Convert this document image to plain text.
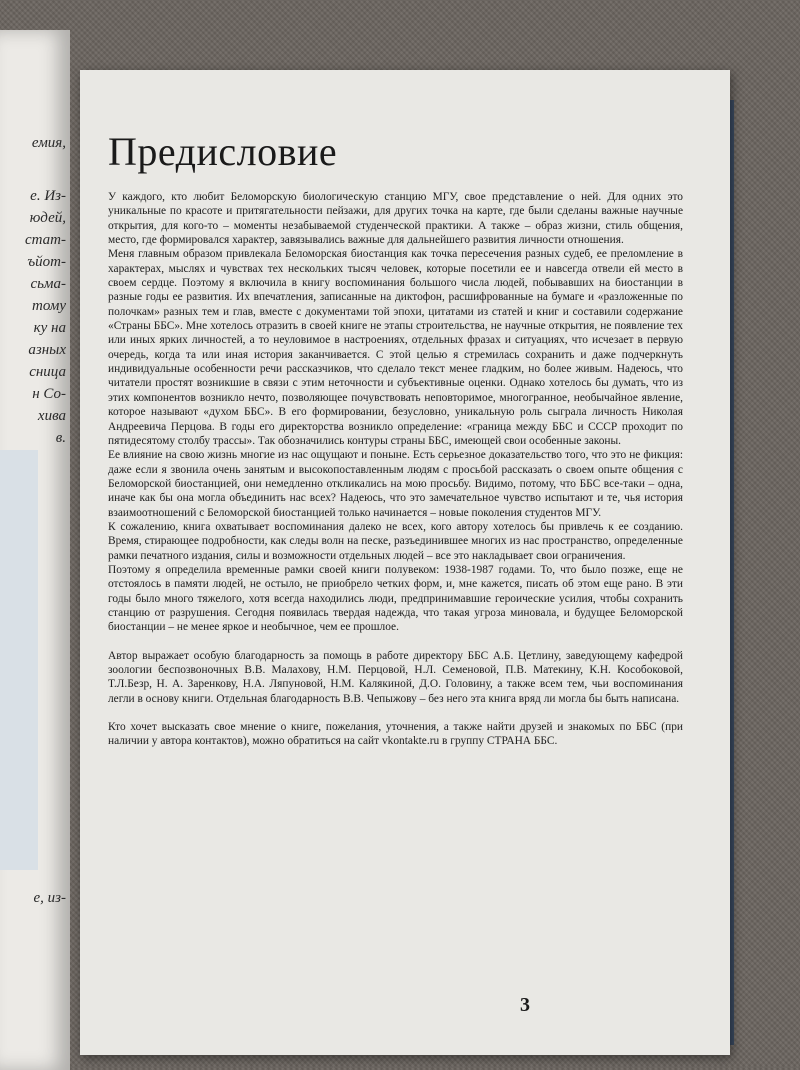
емия,
е. Из-
юдей,
стат-
ъйот-
сьма-
тому
ку на
азных
сница
н Со-
хива
в.
е, из-
Предисловие

У каждого, кто любит Беломорскую биологическую станцию МГУ, свое представление о ней. Для одних это уникальные по красоте и притягательности пейзажи, для других точка на карте, где были сделаны важные научные открытия, для кого-то – моменты незабываемой студенческой практики. А также – образ жизни, стиль общения, место, где формировался характер, завязывались важные для дальнейшего развития личности отношения.

Меня главным образом привлекала Беломорская биостанция как точка пересечения разных судеб, ее преломление в характерах, мыслях и чувствах тех нескольких тысяч человек, которые посетили ее и навсегда отвели ей место в своем сердце. Поэтому я включила в книгу воспоминания большого числа людей, побывавших на биостанции в разные годы ее развития. Их впечатления, записанные на диктофон, расшифрованные на бумаге и «разложенные по полочкам» разных тем и глав, вместе с документами той эпохи, цитатами из статей и книг и составили содержание «Страны ББС». Мне хотелось отразить в своей книге не этапы строительства, не научные открытия, не появление тех или иных ярких личностей, а то неуловимое в настроениях, отдельных фразах и ситуациях, что исчезает в первую очередь, когда та или иная история заканчивается. С этой целью я стремилась сохранить и даже подчеркнуть индивидуальные особенности речи рассказчиков, что сделало текст менее гладким, но более живым. Надеюсь, что читатели простят возникшие в связи с этим неточности и субъективные оценки. Однако хотелось бы думать, что из этих компонентов возникло нечто, позволяющее почувствовать неповторимое, многогранное, необычайное явление, которое называют «духом ББС». В его формировании, безусловно, уникальную роль сыграла личность Николая Андреевича Перцова. В годы его директорства возникло определение: «граница между ББС и СССР проходит по пятидесятому столбу трассы». Так обозначились контуры страны ББС, имеющей свои особенные законы.

Ее влияние на свою жизнь многие из нас ощущают и поныне. Есть серьезное доказательство того, что это не фикция: даже если я звонила очень занятым и высокопоставленным людям с просьбой рассказать о своем опыте общения с Беломорской биостанцией, они немедленно откликались на мою просьбу. Видимо, потому, что ББС все-таки – одна, иначе как бы она могла объединить нас всех? Надеюсь, что это замечательное чувство испытают и те, чья история взаимоотношений с Беломорской биостанцией только начинается – новые поколения студентов МГУ.

К сожалению, книга охватывает воспоминания далеко не всех, кого автору хотелось бы привлечь к ее созданию. Время, стирающее подробности, как следы волн на песке, разъединившее многих из нас пространство, определенные рамки печатного издания, силы и возможности отдельных людей – все это накладывает свои ограничения.

Поэтому я определила временные рамки своей книги полувеком: 1938-1987 годами. То, что было позже, еще не отстоялось в памяти людей, не остыло, не приобрело четких форм, и, мне кажется, писать об этом еще рано. В эти годы было много тяжелого, хотя всегда находились люди, предпринимавшие героические усилия, чтобы сохранить станцию от разрушения. Сегодня появилась твердая надежда, что такая угроза миновала, и будущее Беломорской биостанции – не менее яркое и необычное, чем ее прошлое.

Автор выражает особую благодарность за помощь в работе директору ББС А.Б. Цетлину, заведующему кафедрой зоологии беспозвоночных В.В. Малахову, Н.М. Перцовой, Н.Л. Семеновой, П.В. Матекину, К.Н. Кособоковой, Т.Л.Безр, Н. А. Заренкову, Н.А. Ляпуновой, Н.М. Калякиной, Д.О. Головину, а также всем тем, чьи воспоминания легли в основу книги. Отдельная благодарность В.В. Чепыжову – без него эта книга вряд ли могла бы быть написана.

Кто хочет высказать свое мнение о книге, пожелания, уточнения, а также найти друзей и знакомых по ББС (при наличии у автора контактов), можно обратиться на сайт vkontakte.ru в группу СТРАНА ББС.

3
